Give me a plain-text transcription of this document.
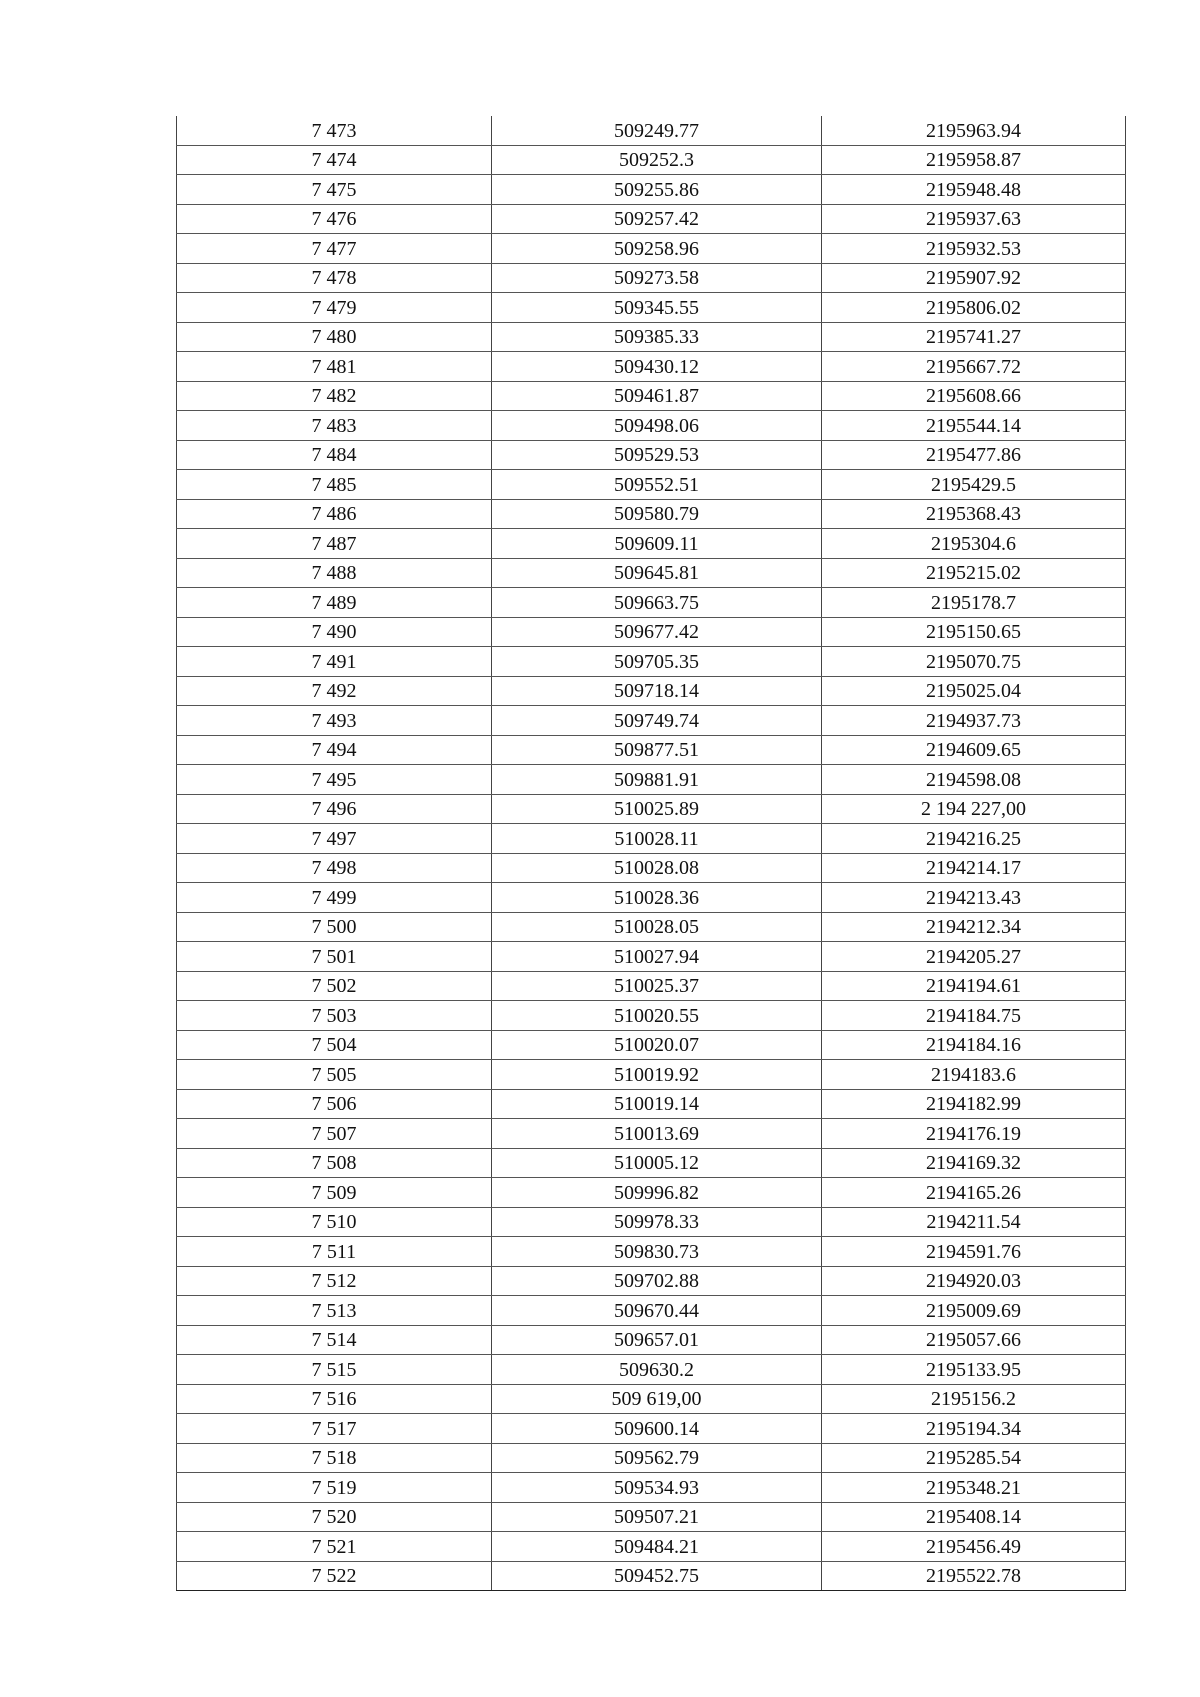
7 473	509249.77	2195963.94
7 474	509252.3	2195958.87
7 475	509255.86	2195948.48
7 476	509257.42	2195937.63
7 477	509258.96	2195932.53
7 478	509273.58	2195907.92
7 479	509345.55	2195806.02
7 480	509385.33	2195741.27
7 481	509430.12	2195667.72
7 482	509461.87	2195608.66
7 483	509498.06	2195544.14
7 484	509529.53	2195477.86
7 485	509552.51	2195429.5
7 486	509580.79	2195368.43
7 487	509609.11	2195304.6
7 488	509645.81	2195215.02
7 489	509663.75	2195178.7
7 490	509677.42	2195150.65
7 491	509705.35	2195070.75
7 492	509718.14	2195025.04
7 493	509749.74	2194937.73
7 494	509877.51	2194609.65
7 495	509881.91	2194598.08
7 496	510025.89	2 194 227,00
7 497	510028.11	2194216.25
7 498	510028.08	2194214.17
7 499	510028.36	2194213.43
7 500	510028.05	2194212.34
7 501	510027.94	2194205.27
7 502	510025.37	2194194.61
7 503	510020.55	2194184.75
7 504	510020.07	2194184.16
7 505	510019.92	2194183.6
7 506	510019.14	2194182.99
7 507	510013.69	2194176.19
7 508	510005.12	2194169.32
7 509	509996.82	2194165.26
7 510	509978.33	2194211.54
7 511	509830.73	2194591.76
7 512	509702.88	2194920.03
7 513	509670.44	2195009.69
7 514	509657.01	2195057.66
7 515	509630.2	2195133.95
7 516	509 619,00	2195156.2
7 517	509600.14	2195194.34
7 518	509562.79	2195285.54
7 519	509534.93	2195348.21
7 520	509507.21	2195408.14
7 521	509484.21	2195456.49
7 522	509452.75	2195522.78
